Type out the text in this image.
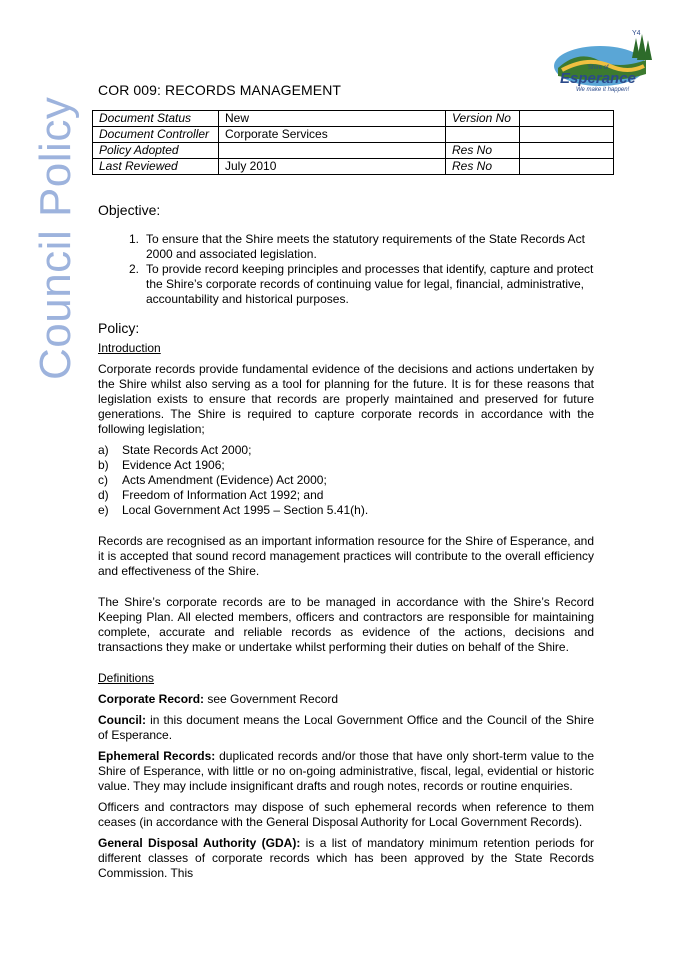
Council Policy
Y4
Shire of
Esperance
We make it happen!
COR 009: RECORDS MANAGEMENT
Document Status	New	Version No	
Document Controller	Corporate Services		
Policy Adopted		Res No	
Last Reviewed	July 2010	Res No	
Objective:
1. To ensure that the Shire meets the statutory requirements of the State Records Act 2000 and associated legislation.
2. To provide record keeping principles and processes that identify, capture and protect the Shire’s corporate records of continuing value for legal, financial, administrative, accountability and historical purposes.
Policy:
Introduction

Corporate records provide fundamental evidence of the decisions and actions undertaken by the Shire whilst also serving as a tool for planning for the future. It is for these reasons that legislation exists to ensure that records are properly maintained and preserved for future generations. The Shire is required to capture corporate records in accordance with the following legislation;

a)	State Records Act 2000;
b)	Evidence Act 1906;
c)	Acts Amendment (Evidence) Act 2000;
d)	Freedom of Information Act 1992; and
e)	Local Government Act 1995 – Section 5.41(h).

Records are recognised as an important information resource for the Shire of Esperance, and it is accepted that sound record management practices will contribute to the overall efficiency and effectiveness of the Shire.

The Shire’s corporate records are to be managed in accordance with the Shire’s Record Keeping Plan. All elected members, officers and contractors are responsible for maintaining complete, accurate and reliable records as evidence of the actions, decisions and transactions they make or undertake whilst performing their duties on behalf of the Shire.

Definitions

Corporate Record: see Government Record

Council: in this document means the Local Government Office and the Council of the Shire of Esperance.

Ephemeral Records: duplicated records and/or those that have only short-term value to the Shire of Esperance, with little or no on-going administrative, fiscal, legal, evidential or historic value. They may include insignificant drafts and rough notes, records or routine enquiries.

Officers and contractors may dispose of such ephemeral records when reference to them ceases (in accordance with the General Disposal Authority for Local Government Records).

General Disposal Authority (GDA): is a list of mandatory minimum retention periods for different classes of corporate records which has been approved by the State Records Commission. This
